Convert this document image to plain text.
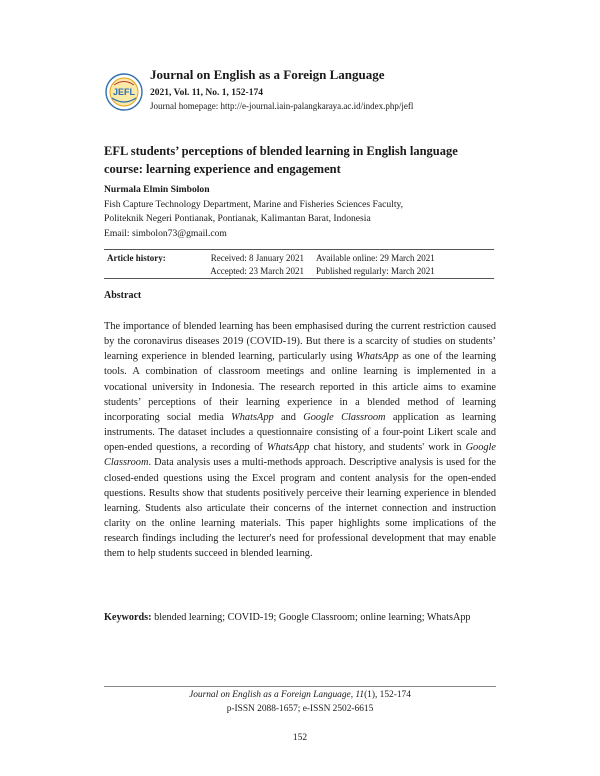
JEFL
Journal on English as a Foreign Language
2021, Vol. 11, No. 1, 152-174
Journal homepage: http://e-journal.iain-palangkaraya.ac.id/index.php/jefl
EFL students’ perceptions of blended learning in English language
course: learning experience and engagement
Nurmala Elmin Simbolon
Fish Capture Technology Department, Marine and Fisheries Sciences Faculty,
Politeknik Negeri Pontianak, Pontianak, Kalimantan Barat, Indonesia
Email: simbolon73@gmail.com
Article history:	Received: 8 January 2021 Available online: 29 March 2021
Accepted: 23 March 2021 Published regularly: March 2021
Abstract
The importance of blended learning has been emphasised during the current restriction caused by the coronavirus diseases 2019 (COVID-19). But there is a scarcity of studies on students’ learning experience in blended learning, particularly using WhatsApp as one of the learning tools. A combination of classroom meetings and online learning is implemented in a vocational university in Indonesia. The research reported in this article aims to examine students’ perceptions of their learning experience in a blended method of learning incorporating social media WhatsApp and Google Classroom application as learning instruments. The dataset includes a questionnaire consisting of a four-point Likert scale and open-ended questions, a recording of WhatsApp chat history, and students' work in Google Classroom. Data analysis uses a multi-methods approach. Descriptive analysis is used for the closed-ended questions using the Excel program and content analysis for the open-ended questions. Results show that students positively perceive their learning experience in blended learning. Students also articulate their concerns of the internet connection and instruction clarity on the online learning materials. This paper highlights some implications of the research findings including the lecturer's need for professional development that may enable them to help students succeed in blended learning.
Keywords: blended learning; COVID-19; Google Classroom; online learning; WhatsApp
Journal on English as a Foreign Language, 11(1), 152-174
p-ISSN 2088-1657; e-ISSN 2502-6615
152
